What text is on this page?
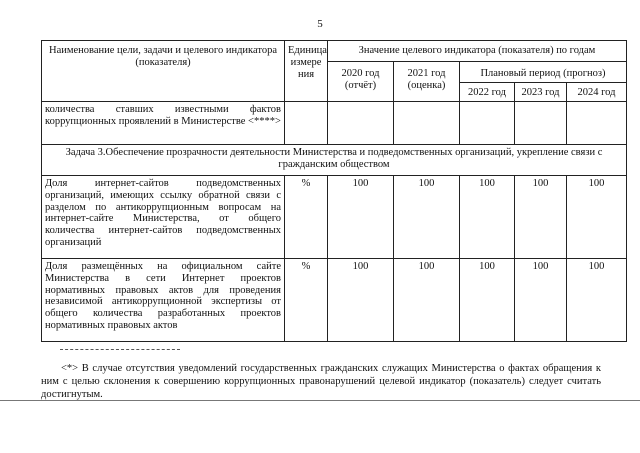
5
Наименование цели, задачи и целевого индикатора (показателя)	Единица измере ния	Значение целевого индикатора (показателя) по годам				
		2020 год (отчёт)	2021 год (оценка)	Плановый период (прогноз)		
				2022 год	2023 год	2024 год
количества ставших известными фактов коррупционных проявлений в Министерстве <****>						
Задача 3.Обеспечение прозрачности деятельности Министерства и подведомственных организаций, укрепление связи с гражданским обществом						
Доля интернет-сайтов подведомственных организаций, имеющих ссылку обратной связи с разделом по антикоррупционным вопросам на интернет-сайте Министерства, от общего количества интернет-сайтов подведомственных организаций	%	100	100	100	100	100
Доля размещённых на официальном сайте Министерства в сети Интернет проектов нормативных правовых актов для проведения независимой антикоррупционной экспертизы от общего количества разработанных проектов нормативных правовых актов	%	100	100	100	100	100
<*> В случае отсутствия уведомлений государственных гражданских служащих Министерства о фактах обращения к ним с целью склонения к совершению коррупционных правонарушений целевой индикатор (показатель) следует считать достигнутым.
